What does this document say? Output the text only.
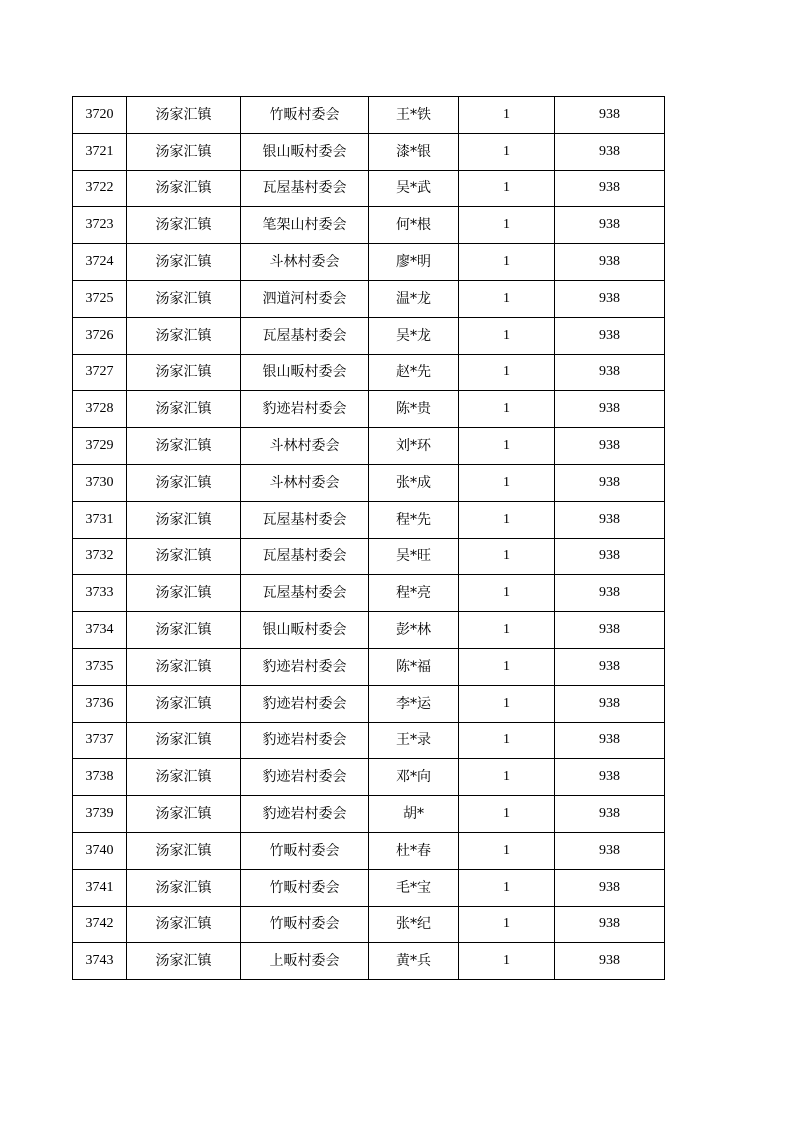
3720	汤家汇镇	竹畈村委会	王*铁	1	938
3721	汤家汇镇	银山畈村委会	漆*银	1	938
3722	汤家汇镇	瓦屋基村委会	吴*武	1	938
3723	汤家汇镇	笔架山村委会	何*根	1	938
3724	汤家汇镇	斗林村委会	廖*明	1	938
3725	汤家汇镇	泗道河村委会	温*龙	1	938
3726	汤家汇镇	瓦屋基村委会	吴*龙	1	938
3727	汤家汇镇	银山畈村委会	赵*先	1	938
3728	汤家汇镇	豹迹岩村委会	陈*贵	1	938
3729	汤家汇镇	斗林村委会	刘*环	1	938
3730	汤家汇镇	斗林村委会	张*成	1	938
3731	汤家汇镇	瓦屋基村委会	程*先	1	938
3732	汤家汇镇	瓦屋基村委会	吴*旺	1	938
3733	汤家汇镇	瓦屋基村委会	程*亮	1	938
3734	汤家汇镇	银山畈村委会	彭*林	1	938
3735	汤家汇镇	豹迹岩村委会	陈*福	1	938
3736	汤家汇镇	豹迹岩村委会	李*运	1	938
3737	汤家汇镇	豹迹岩村委会	王*录	1	938
3738	汤家汇镇	豹迹岩村委会	邓*向	1	938
3739	汤家汇镇	豹迹岩村委会	胡*	1	938
3740	汤家汇镇	竹畈村委会	杜*春	1	938
3741	汤家汇镇	竹畈村委会	毛*宝	1	938
3742	汤家汇镇	竹畈村委会	张*纪	1	938
3743	汤家汇镇	上畈村委会	黄*兵	1	938
